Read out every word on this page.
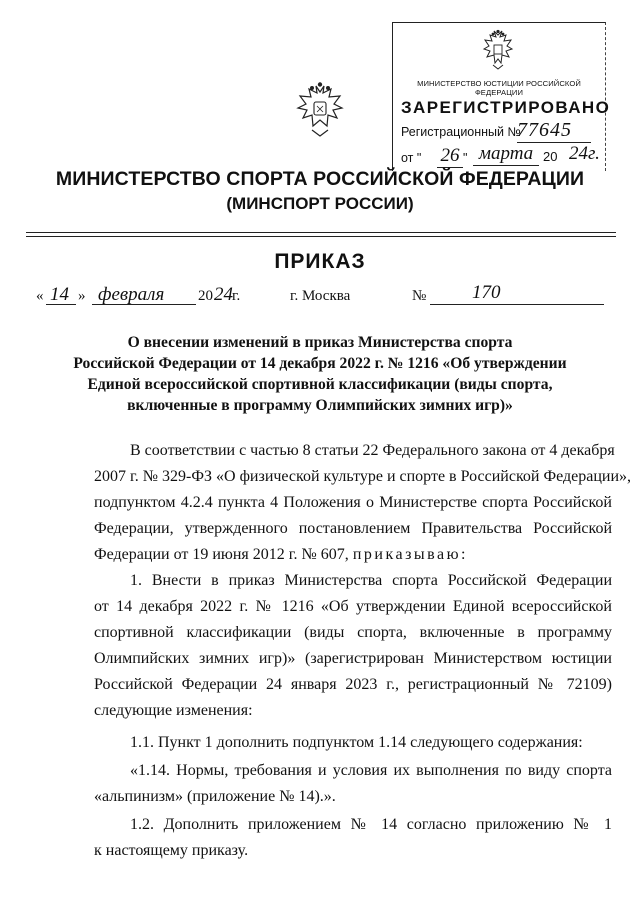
МИНИСТЕРСТВО ЮСТИЦИИ РОССИЙСКОЙ ФЕДЕРАЦИИ
ЗАРЕГИСТРИРОВАНО
Регистрационный №
77645
от " 26 " марта 20 24г.
МИНИСТЕРСТВО СПОРТА РОССИЙСКОЙ ФЕДЕРАЦИИ
(МИНСПОРТ РОССИИ)
ПРИКАЗ
« 14 » февраля 20 24 г.	г. Москва	№ 170
О внесении изменений в приказ Министерства спорта
Российской Федерации от 14 декабря 2022 г. № 1216 «Об утверждении
Единой всероссийской спортивной классификации (виды спорта,
включенные в программу Олимпийских зимних игр)»
В соответствии с частью 8 статьи 22 Федерального закона от 4 декабря
2007 г. № 329-ФЗ «О физической культуре и спорте в Российской Федерации»,
подпунктом 4.2.4 пункта 4 Положения о Министерстве спорта Российской
Федерации, утвержденного постановлением Правительства Российской
Федерации от 19 июня 2012 г. № 607, приказываю:
1. Внести в приказ Министерства спорта Российской Федерации
от 14 декабря 2022 г. № 1216 «Об утверждении Единой всероссийской
спортивной классификации (виды спорта, включенные в программу
Олимпийских зимних игр)» (зарегистрирован Министерством юстиции
Российской Федерации 24 января 2023 г., регистрационный № 72109)
следующие изменения:
1.1. Пункт 1 дополнить подпунктом 1.14 следующего содержания:
«1.14. Нормы, требования и условия их выполнения по виду спорта
«альпинизм» (приложение № 14).».
1.2. Дополнить приложением № 14 согласно приложению № 1
к настоящему приказу.
